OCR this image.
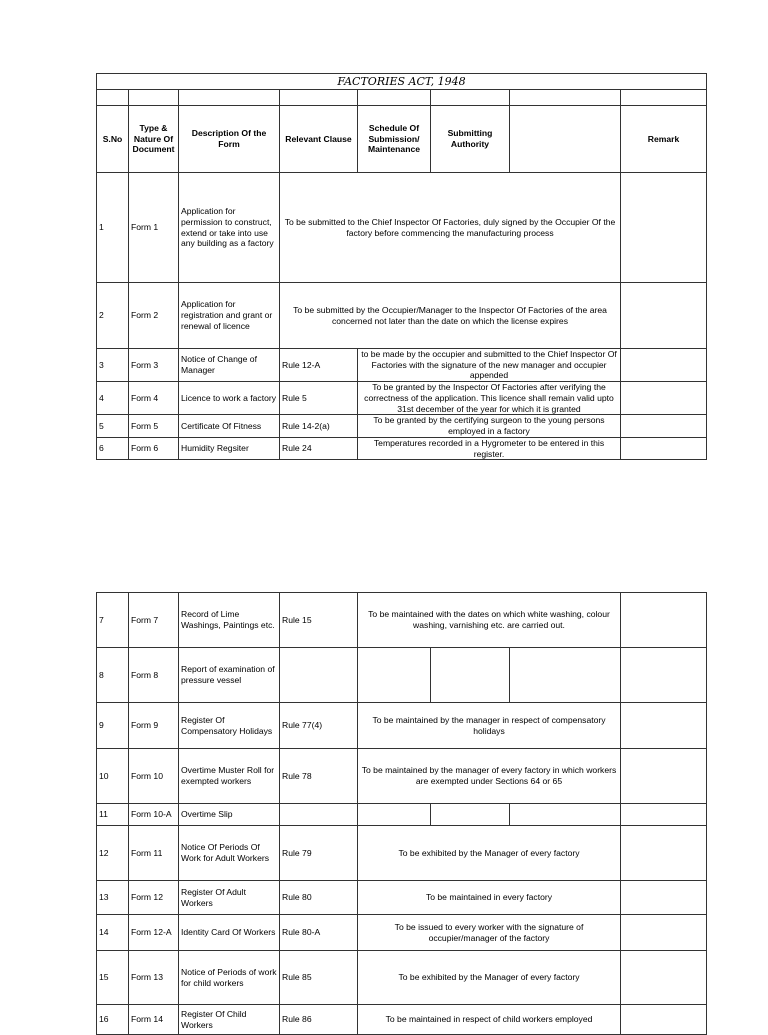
FACTORIES ACT, 1948							

S.No	Type & Nature Of Document	Description Of the Form	Relevant Clause	Schedule Of Submission/ Maintenance	Submitting Authority		Remark
1	Form 1	Application for permission to construct, extend or take into use any building as a factory	To be submitted to the Chief Inspector Of Factories, duly signed by the Occupier Of the factory before commencing the manufacturing process				
2	Form 2	Application for registration and grant or renewal of licence	To be submitted by the Occupier/Manager to the Inspector Of Factories of the area concerned not later than the date on which the license expires				
3	Form 3	Notice of Change of Manager	Rule 12-A	to be made by the occupier and submitted to the Chief Inspector Of Factories with the signature of the new manager and occupier appended			
4	Form 4	Licence to work a factory	Rule 5	To be granted by the Inspector Of Factories after verifying the correctness of the application. This licence shall remain valid upto 31st december of the year for which it is granted			
5	Form 5	Certificate Of Fitness	Rule 14-2(a)	To be granted by the certifying surgeon to the young persons employed in a factory			
6	Form 6	Humidity Regsiter	Rule 24	Temperatures recorded in a Hygrometer to be entered in this register.			
7	Form 7	Record of Lime Washings, Paintings etc.	Rule 15	To be maintained with the dates on which white washing, colour washing, varnishing etc. are carried out.			
8	Form 8	Report of examination of pressure vessel					
9	Form 9	Register Of Compensatory Holidays	Rule 77(4)	To be maintained by the manager in respect of compensatory holidays			
10	Form 10	Overtime Muster Roll for exempted workers	Rule 78	To be maintained by the manager of every factory in which workers are exempted under Sections 64 or 65			
11	Form 10-A	Overtime Slip					
12	Form 11	Notice Of Periods Of Work for Adult Workers	Rule 79	To be exhibited by the Manager of every factory			
13	Form 12	Register Of Adult Workers	Rule 80	To be maintained in every factory			
14	Form 12-A	Identity Card Of Workers	Rule 80-A	To be issued to every worker with the signature of occupier/manager of the factory			
15	Form 13	Notice of Periods of work for child workers	Rule 85	To be exhibited by the Manager of every factory			
16	Form 14	Register Of Child Workers	Rule 86	To be maintained in respect of child workers employed			
